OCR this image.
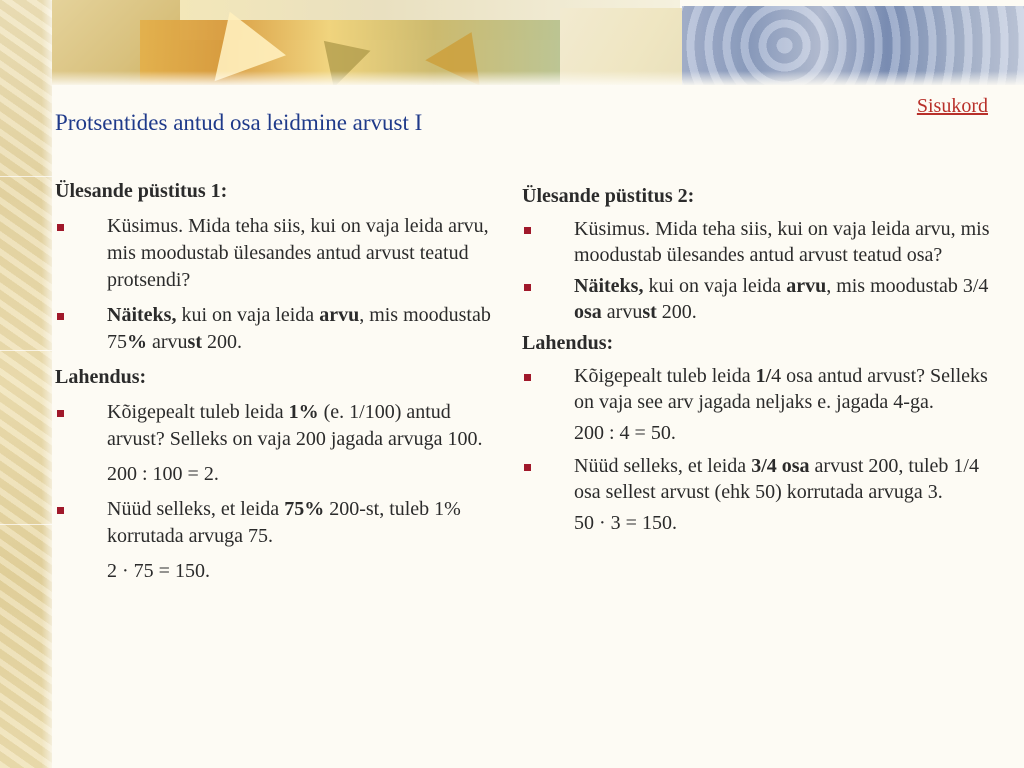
Sisukord
Protsentides antud osa leidmine arvust I
Ülesande püstitus 1:
Küsimus. Mida teha siis, kui on vaja leida arvu, mis moodustab ülesandes antud arvust teatud protsendi?
Näiteks, kui on vaja leida arvu, mis moodustab 75% arvust 200.
Lahendus:
Kõigepealt tuleb leida 1% (e. 1/100) antud arvust? Selleks on vaja 200 jagada arvuga 100.
200 : 100 = 2.
Nüüd selleks, et leida 75% 200-st, tuleb 1% korrutada arvuga 75.
2 · 75 = 150.
Ülesande püstitus 2:
Küsimus. Mida teha siis, kui on vaja leida arvu, mis moodustab ülesandes antud arvust teatud osa?
Näiteks, kui on vaja leida arvu, mis moodustab 3/4 osa arvust 200.
Lahendus:
Kõigepealt tuleb leida 1/4 osa antud arvust? Selleks on vaja see arv jagada neljaks e. jagada 4-ga.
200 : 4 = 50.
Nüüd selleks, et leida 3/4 osa arvust 200, tuleb 1/4 osa sellest arvust (ehk 50) korrutada arvuga 3.
50 · 3 = 150.
